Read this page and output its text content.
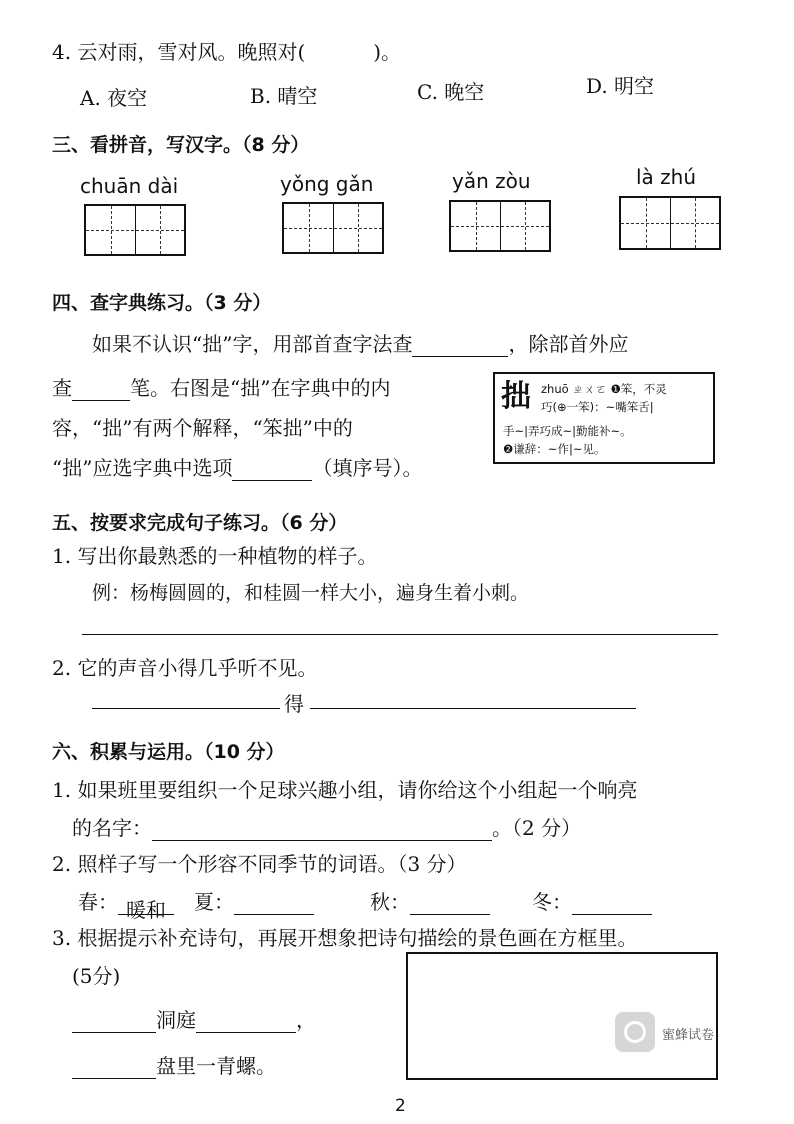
4. 云对雨，雪对风。晚照对(	)。
A. 夜空	B. 晴空	C. 晚空	D. 明空
三、看拼音，写汉字。（8 分）
chuān dài	yǒng gǎn	yǎn zòu	là zhú
四、查字典练习。（3 分）
如果不认识“拙”字，用部首查字法查	，除部首外应
查	笔。右图是“拙”在字典中的内
容，“拙”有两个解释，“笨拙”中的
“拙”应选字典中选项	（填序号）。
拙 zhuō ㄓㄨㄛ ❶笨，不灵
巧(⊕一笨)：~嘴笨舌|
手~|弄巧成~|勤能补~。
❷谦辞：~作|~见。
五、按要求完成句子练习。（6 分）
1. 写出你最熟悉的一种植物的样子。
例：杨梅圆圆的，和桂圆一样大小，遍身生着小刺。
2. 它的声音小得几乎听不见。
得
六、积累与运用。（10 分）
1. 如果班里要组织一个足球兴趣小组，请你给这个小组起一个响亮
的名字：	。（2 分）
2. 照样子写一个形容不同季节的词语。（3 分）
春： 暖和	夏：	秋：	冬：
3. 根据提示补充诗句，再展开想象把诗句描绘的景色画在方框里。
(5分)
洞庭	，
盘里一青螺。
蜜蜂试卷
2
